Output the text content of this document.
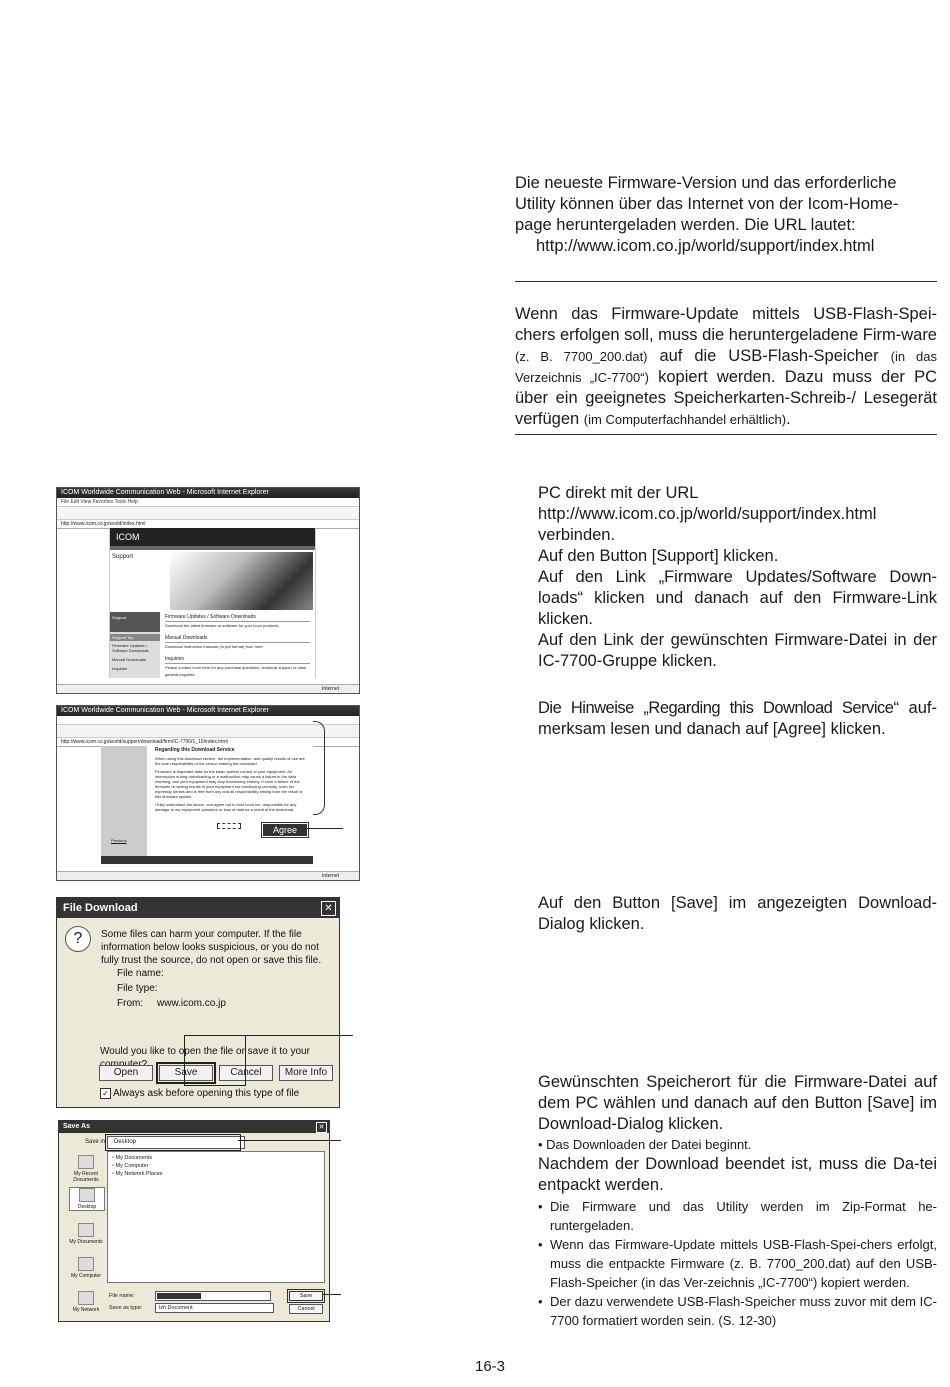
Die neueste Firmware-Version und das erforderliche
Utility können über das Internet von der Icom-Home-
page heruntergeladen werden. Die URL lautet:
http://www.icom.co.jp/world/support/index.html
Wenn das Firmware-Update mittels USB-Flash-Spei-chers erfolgen soll, muss die heruntergeladene Firm-ware (z. B. 7700_200.dat) auf die USB-Flash-Speicher (in das Verzeichnis „IC-7700“) kopiert werden. Dazu muss der PC über ein geeignetes Speicherkarten-Schreib-/ Lesegerät verfügen (im Computerfachhandel erhältlich).
PC direkt mit der URL
http://www.icom.co.jp/world/support/index.html
verbinden.
Auf den Button [Support] klicken.
Auf den Link „Firmware Updates/Software Down-loads“ klicken und danach auf den Firmware-Link klicken.
Auf den Link der gewünschten Firmware-Datei in der IC-7700-Gruppe klicken.
Die Hinweise „Regarding this Download Service“ auf-merksam lesen und danach auf [Agree] klicken.
Auf den Button [Save] im angezeigten Download-Dialog klicken.
Gewünschten Speicherort für die Firmware-Datei auf dem PC wählen und danach auf den Button [Save] im Download-Dialog klicken.
• Das Downloaden der Datei beginnt.
Nachdem der Download beendet ist, muss die Da-tei entpackt werden.
• Die Firmware und das Utility werden im Zip-Format he-runtergeladen.
• Wenn das Firmware-Update mittels USB-Flash-Spei-chers erfolgt, muss die entpackte Firmware (z. B. 7700_200.dat) auf den USB-Flash-Speicher (in das Ver-zeichnis „IC-7700“) kopiert werden.
• Der dazu verwendete USB-Flash-Speicher muss zuvor mit dem IC-7700 formatiert worden sein. (S. 12-30)
16-3
ICOM Worldwide Communication Web - Microsoft Internet Explorer
File Edit View Favorites Tools Help
http://www.icom.co.jp/world/index.html
ICOM
Support
Support
Support Top
Firmware Updates / Software Downloads
Manual Downloads
Inquiries
Firmware Updates / Software Downloads
Download the latest firmware or software for your Icom products.
Manual Downloads
Download instruction manuals (in pdf format) from here.
Inquiries
Please contact Icom here for any purchase questions, technical support or other general inquiries.
Internet
ICOM Worldwide Communication Web - Microsoft Internet Explorer
http://www.icom.co.jp/world/support/download/firm/IC-7700/1_10/index.html
Regarding this Download Service
When using this download service, the implementation, and quality results of use are the sole responsibility of the person making the download.
Firmware is important data for the basic system control of your equipment. An interruption during downloading or a malfunction may cause a failure in the data rewriting, and your equipment may stop functioning entirely. If such a failure of the firmware re-writing results in your equipment not functioning correctly, Icom Inc. expressly denies and is free from any and all responsibility arising from the result of this firmware update.
I fully understand the above, and agree not to hold Icom Inc. responsible for any damage to my equipment operation or loss of data as a result of the download.
Previous
Agree
Internet
File Download	✕
?	Some files can harm your computer. If the file information below looks suspicious, or you do not fully trust the source, do not open or save this file.
File name:
File type:
From: www.icom.co.jp
Would you like to open the file or save it to your
Open	Save	Cancel	More Info
✓ Always ask before opening this type of file
Save As	✕
Save in:	Desktop
My Recent Documents
Desktop
My Documents
My Computer
My Network
▫ My Documents
▫ My Computer
▫ My Network Places
File name:
Save as type:	lzh Document
Save
Cancel
